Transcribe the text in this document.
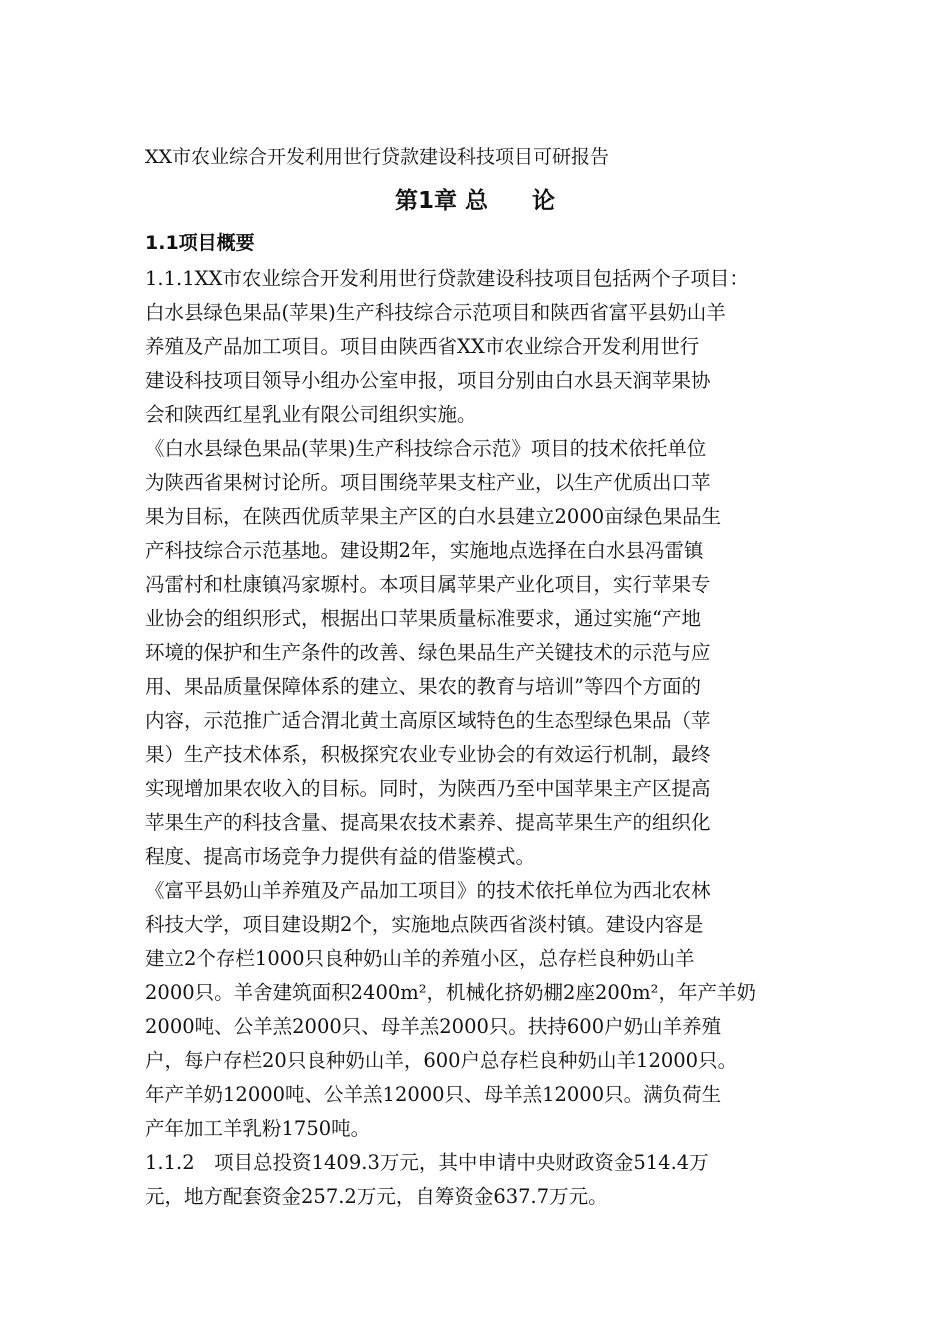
XX市农业综合开发利用世行贷款建设科技项目可研报告
第1章 总 论
1.1项目概要
1.1.1XX市农业综合开发利用世行贷款建设科技项目包括两个子项目：
白水县绿色果品(苹果)生产科技综合示范项目和陕西省富平县奶山羊
养殖及产品加工项目。项目由陕西省XX市农业综合开发利用世行
建设科技项目领导小组办公室申报，项目分别由白水县天润苹果协
会和陕西红星乳业有限公司组织实施。
《白水县绿色果品(苹果)生产科技综合示范》项目的技术依托单位
为陕西省果树讨论所。项目围绕苹果支柱产业，以生产优质出口苹
果为目标，在陕西优质苹果主产区的白水县建立2000亩绿色果品生
产科技综合示范基地。建设期2年，实施地点选择在白水县冯雷镇
冯雷村和杜康镇冯家塬村。本项目属苹果产业化项目，实行苹果专
业协会的组织形式，根据出口苹果质量标准要求，通过实施“产地
环境的保护和生产条件的改善、绿色果品生产关键技术的示范与应
用、果品质量保障体系的建立、果农的教育与培训”等四个方面的
内容，示范推广适合渭北黄土高原区域特色的生态型绿色果品（苹
果）生产技术体系，积极探究农业专业协会的有效运行机制，最终
实现增加果农收入的目标。同时，为陕西乃至中国苹果主产区提高
苹果生产的科技含量、提高果农技术素养、提高苹果生产的组织化
程度、提高市场竞争力提供有益的借鉴模式。
《富平县奶山羊养殖及产品加工项目》的技术依托单位为西北农林
科技大学，项目建设期2个，实施地点陕西省淡村镇。建设内容是
建立2个存栏1000只良种奶山羊的养殖小区，总存栏良种奶山羊
2000只。羊舍建筑面积2400m²，机械化挤奶棚2座200m²，年产羊奶
2000吨、公羊羔2000只、母羊羔2000只。扶持600户奶山羊养殖
户，每户存栏20只良种奶山羊，600户总存栏良种奶山羊12000只。
年产羊奶12000吨、公羊羔12000只、母羊羔12000只。满负荷生
产年加工羊乳粉1750吨。
1.1.2　项目总投资1409.3万元，其中申请中央财政资金514.4万
元，地方配套资金257.2万元，自筹资金637.7万元。
